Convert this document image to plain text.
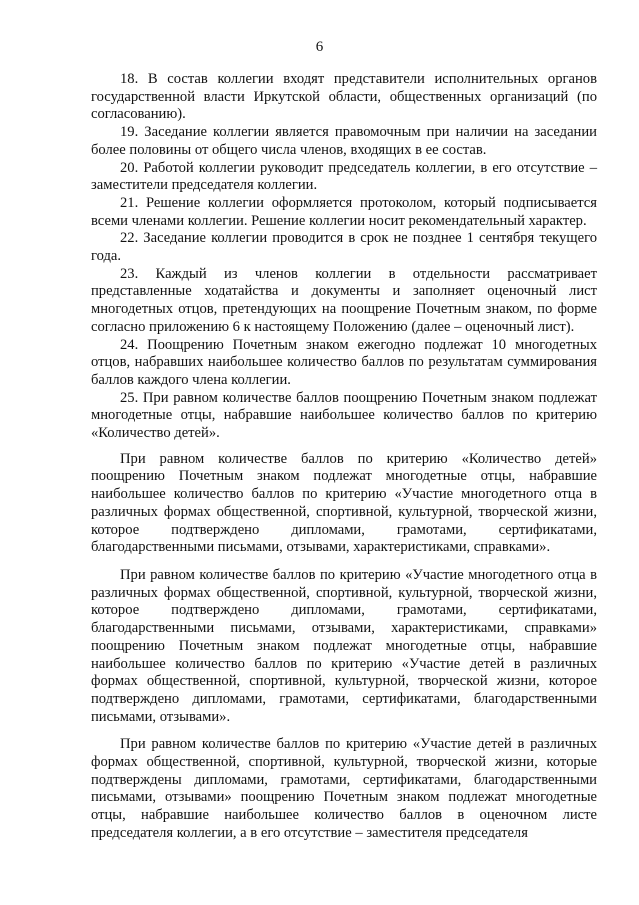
6

18. В состав коллегии входят представители исполнительных органов государственной власти Иркутской области, общественных организаций (по согласованию).

19. Заседание коллегии является правомочным при наличии на заседании более половины от общего числа членов, входящих в ее состав.

20. Работой коллегии руководит председатель коллегии, в его отсутствие – заместители председателя коллегии.

21. Решение коллегии оформляется протоколом, который подписывается всеми членами коллегии. Решение коллегии носит рекомендательный характер.

22. Заседание коллегии проводится в срок не позднее 1 сентября текущего года.

23. Каждый из членов коллегии в отдельности рассматривает представленные ходатайства и документы и заполняет оценочный лист многодетных отцов, претендующих на поощрение Почетным знаком, по форме согласно приложению 6 к настоящему Положению (далее – оценочный лист).

24. Поощрению Почетным знаком ежегодно подлежат 10 многодетных отцов, набравших наибольшее количество баллов по результатам суммирования баллов каждого члена коллегии.

25. При равном количестве баллов поощрению Почетным знаком подлежат многодетные отцы, набравшие наибольшее количество баллов по критерию «Количество детей».

При равном количестве баллов по критерию «Количество детей» поощрению Почетным знаком подлежат многодетные отцы, набравшие наибольшее количество баллов по критерию «Участие многодетного отца в различных формах общественной, спортивной, культурной, творческой жизни, которое подтверждено дипломами, грамотами, сертификатами, благодарственными письмами, отзывами, характеристиками, справками».

При равном количестве баллов по критерию «Участие многодетного отца в различных формах общественной, спортивной, культурной, творческой жизни, которое подтверждено дипломами, грамотами, сертификатами, благодарственными письмами, отзывами, характеристиками, справками» поощрению Почетным знаком подлежат многодетные отцы, набравшие наибольшее количество баллов по критерию «Участие детей в различных формах общественной, спортивной, культурной, творческой жизни, которое подтверждено дипломами, грамотами, сертификатами, благодарственными письмами, отзывами».

При равном количестве баллов по критерию «Участие детей в различных формах общественной, спортивной, культурной, творческой жизни, которые подтверждены дипломами, грамотами, сертификатами, благодарственными письмами, отзывами» поощрению Почетным знаком подлежат многодетные отцы, набравшие наибольшее количество баллов в оценочном листе председателя коллегии, а в его отсутствие – заместителя председателя
